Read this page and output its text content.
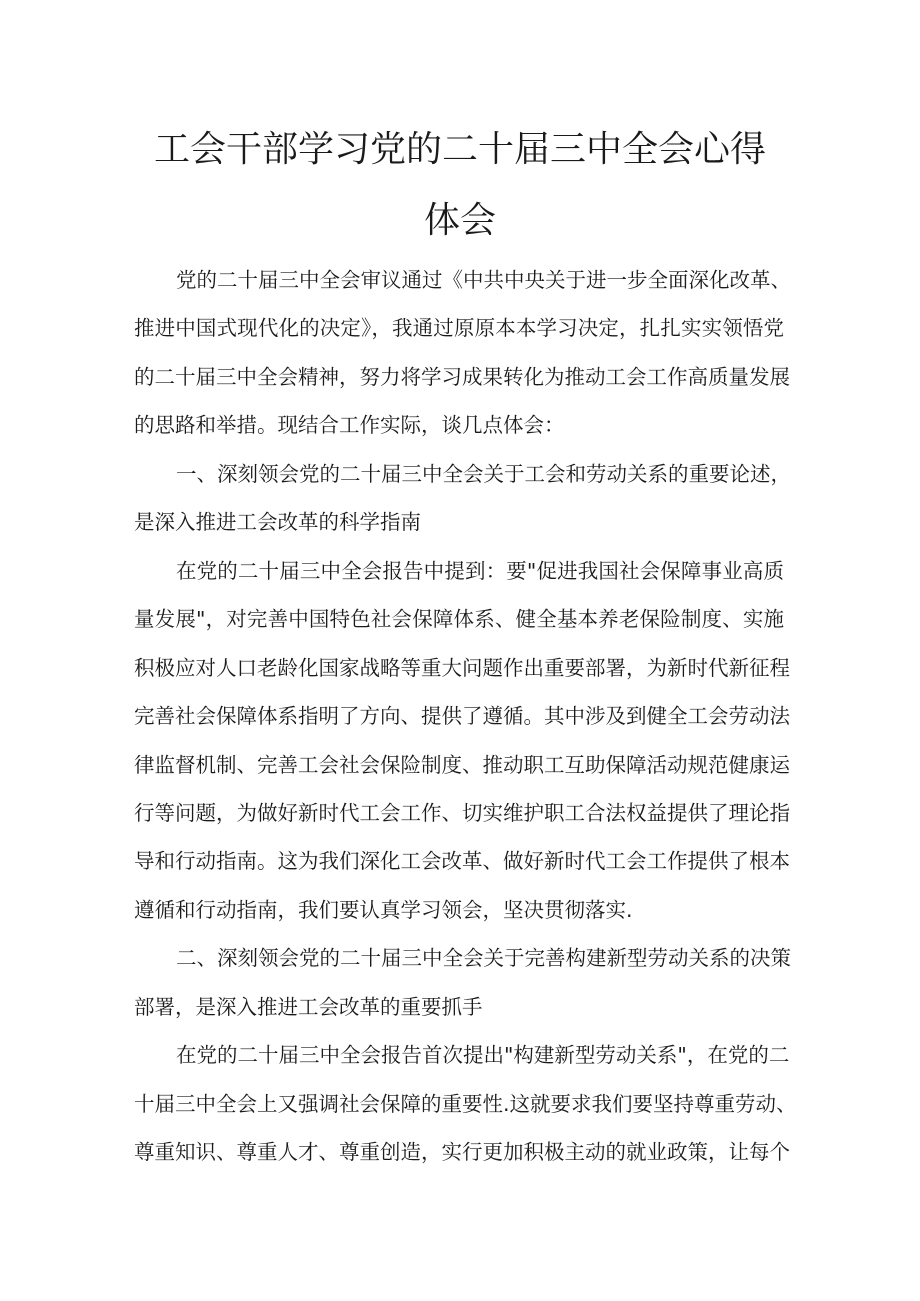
工会干部学习党的二十届三中全会心得
体会
党的二十届三中全会审议通过《中共中央关于进一步全面深化改革、
推进中国式现代化的决定》，我通过原原本本学习决定，扎扎实实领悟党
的二十届三中全会精神，努力将学习成果转化为推动工会工作高质量发展
的思路和举措。现结合工作实际，谈几点体会：
一、深刻领会党的二十届三中全会关于工会和劳动关系的重要论述，
是深入推进工会改革的科学指南
在党的二十届三中全会报告中提到：要"促进我国社会保障事业高质
量发展"，对完善中国特色社会保障体系、健全基本养老保险制度、实施
积极应对人口老龄化国家战略等重大问题作出重要部署，为新时代新征程
完善社会保障体系指明了方向、提供了遵循。其中涉及到健全工会劳动法
律监督机制、完善工会社会保险制度、推动职工互助保障活动规范健康运
行等问题，为做好新时代工会工作、切实维护职工合法权益提供了理论指
导和行动指南。这为我们深化工会改革、做好新时代工会工作提供了根本
遵循和行动指南，我们要认真学习领会，坚决贯彻落实.
二、深刻领会党的二十届三中全会关于完善构建新型劳动关系的决策
部署，是深入推进工会改革的重要抓手
在党的二十届三中全会报告首次提出"构建新型劳动关系"，在党的二
十届三中全会上又强调社会保障的重要性.这就要求我们要坚持尊重劳动、
尊重知识、尊重人才、尊重创造，实行更加积极主动的就业政策，让每个
